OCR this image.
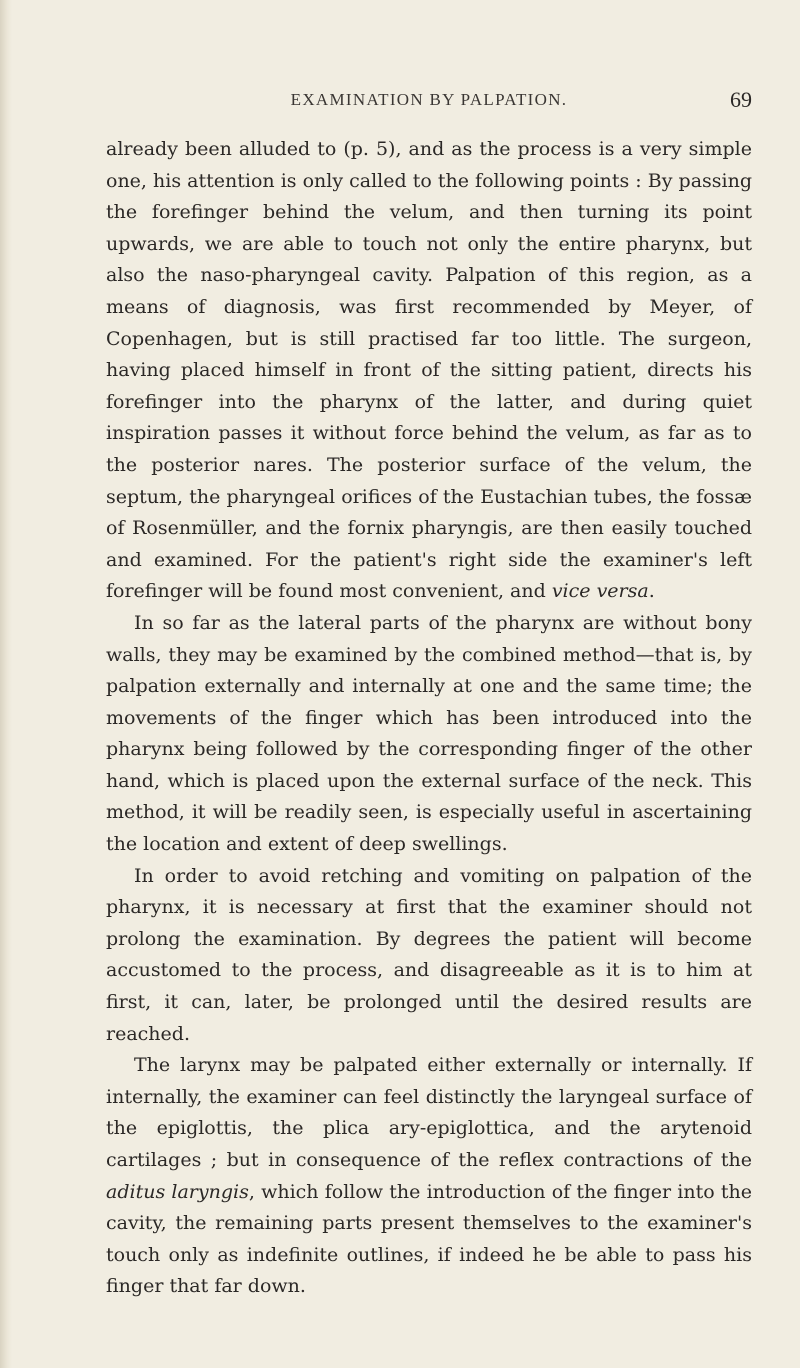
EXAMINATION BY PALPATION.	69

already been alluded to (p. 5), and as the process is a very simple one, his attention is only called to the following points : By passing the forefinger behind the velum, and then turning its point upwards, we are able to touch not only the entire pharynx, but also the naso-pharyngeal cavity. Palpation of this region, as a means of diagnosis, was first recommended by Meyer, of Copenhagen, but is still practised far too little. The surgeon, having placed himself in front of the sitting patient, directs his forefinger into the pharynx of the latter, and during quiet inspiration passes it without force behind the velum, as far as to the posterior nares. The posterior surface of the velum, the septum, the pharyngeal orifices of the Eustachian tubes, the fossæ of Rosenmüller, and the fornix pharyngis, are then easily touched and examined. For the patient's right side the examiner's left forefinger will be found most convenient, and vice versa.

In so far as the lateral parts of the pharynx are without bony walls, they may be examined by the combined method—that is, by palpation externally and internally at one and the same time; the movements of the finger which has been introduced into the pharynx being followed by the corresponding finger of the other hand, which is placed upon the external surface of the neck. This method, it will be readily seen, is especially useful in ascertaining the location and extent of deep swellings.

In order to avoid retching and vomiting on palpation of the pharynx, it is necessary at first that the examiner should not prolong the examination. By degrees the patient will become accustomed to the process, and disagreeable as it is to him at first, it can, later, be prolonged until the desired results are reached.

The larynx may be palpated either externally or internally. If internally, the examiner can feel distinctly the laryngeal surface of the epiglottis, the plica ary-epiglottica, and the arytenoid cartilages ; but in consequence of the reflex contractions of the aditus laryngis, which follow the introduction of the finger into the cavity, the remaining parts present themselves to the examiner's touch only as indefinite outlines, if indeed he be able to pass his finger that far down.
